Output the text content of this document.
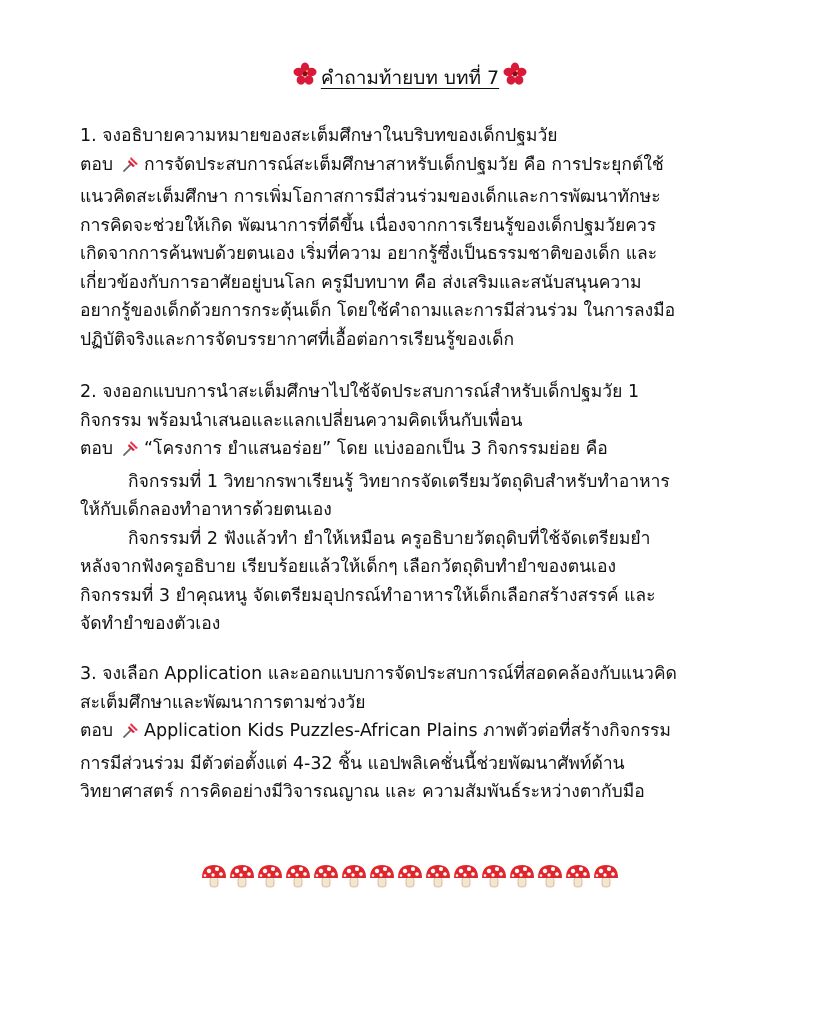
คำถามท้ายบท บทที่ 7
1. จงอธิบายความหมายของสะเต็มศึกษาในบริบทของเด็กปฐมวัย
ตอบ การจัดประสบการณ์สะเต็มศึกษาสาหรับเด็กปฐมวัย คือ การประยุกต์ใช้
แนวคิดสะเต็มศึกษา การเพิ่มโอกาสการมีส่วนร่วมของเด็กและการพัฒนาทักษะ
การคิดจะช่วยให้เกิด พัฒนาการที่ดีขึ้น เนื่องจากการเรียนรู้ของเด็กปฐมวัยควร
เกิดจากการค้นพบด้วยตนเอง เริ่มที่ความ อยากรู้ซึ่งเป็นธรรมชาติของเด็ก และ
เกี่ยวข้องกับการอาศัยอยู่บนโลก ครูมีบทบาท คือ ส่งเสริมและสนับสนุนความ
อยากรู้ของเด็กด้วยการกระตุ้นเด็ก โดยใช้คำถามและการมีส่วนร่วม ในการลงมือ
ปฏิบัติจริงและการจัดบรรยากาศที่เอื้อต่อการเรียนรู้ของเด็ก
2. จงออกแบบการนำสะเต็มศึกษาไปใช้จัดประสบการณ์สำหรับเด็กปฐมวัย 1
กิจกรรม พร้อมนำเสนอและแลกเปลี่ยนความคิดเห็นกับเพื่อน
ตอบ “โครงการ ยำแสนอร่อย” โดย แบ่งออกเป็น 3 กิจกรรมย่อย คือ
กิจกรรมที่ 1 วิทยากรพาเรียนรู้ วิทยากรจัดเตรียมวัตถุดิบสำหรับทำอาหาร
ให้กับเด็กลองทำอาหารด้วยตนเอง
กิจกรรมที่ 2 ฟังแล้วทำ ยำให้เหมือน ครูอธิบายวัตถุดิบที่ใช้จัดเตรียมยำ
หลังจากฟังครูอธิบาย เรียบร้อยแล้วให้เด็กๆ เลือกวัตถุดิบทำยำของตนเอง
กิจกรรมที่ 3 ยำคุณหนู จัดเตรียมอุปกรณ์ทำอาหารให้เด็กเลือกสร้างสรรค์ และ
จัดทำยำของตัวเอง
3. จงเลือก Application และออกแบบการจัดประสบการณ์ที่สอดคล้องกับแนวคิด
สะเต็มศึกษาและพัฒนาการตามช่วงวัย
ตอบ Application Kids Puzzles-African Plains ภาพตัวต่อที่สร้างกิจกรรม
การมีส่วนร่วม มีตัวต่อตั้งแต่ 4-32 ชิ้น แอปพลิเคชั่นนี้ช่วยพัฒนาศัพท์ด้าน
วิทยาศาสตร์ การคิดอย่างมีวิจารณญาณ และ ความสัมพันธ์ระหว่างตากับมือ
